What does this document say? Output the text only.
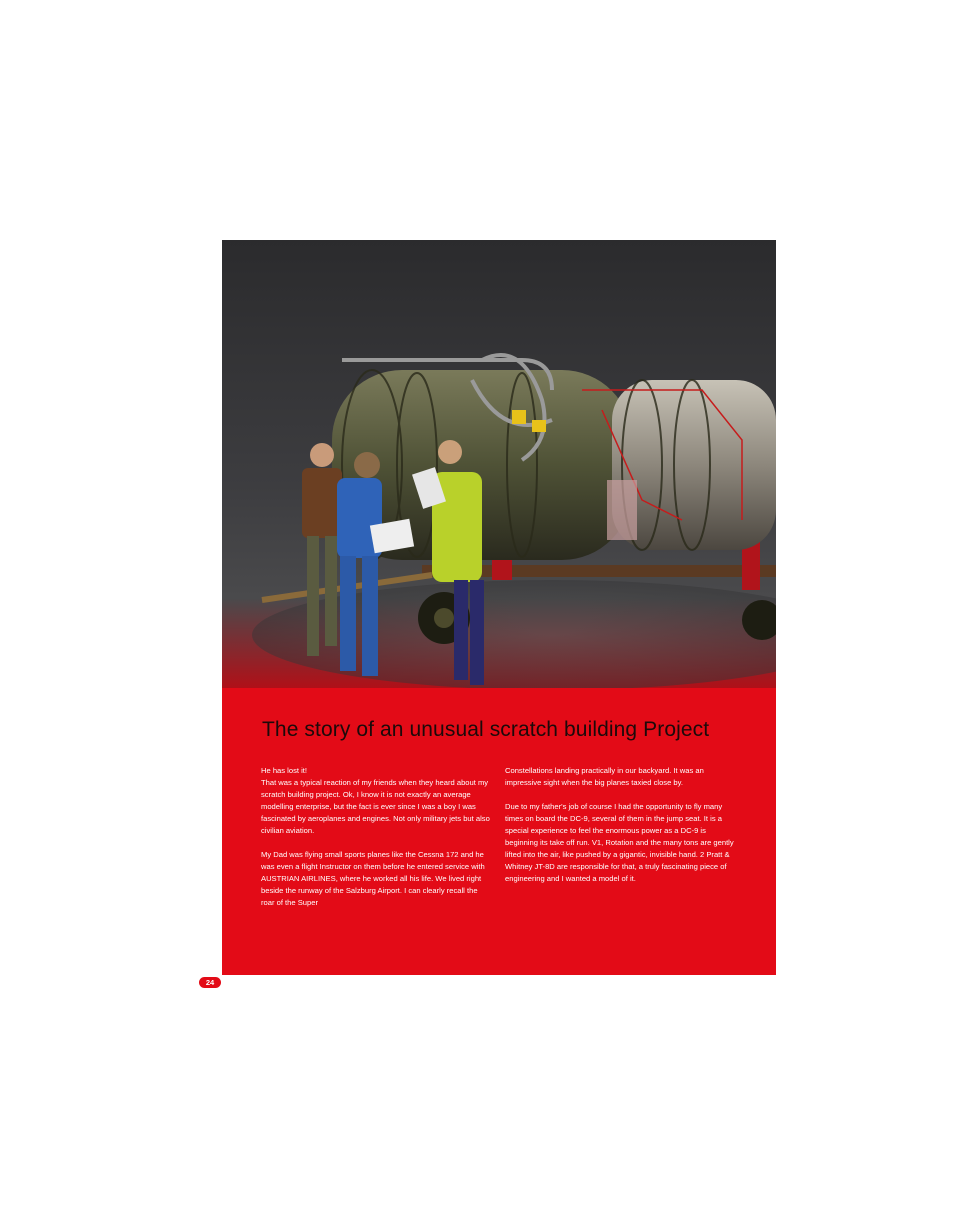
The story of an unusual scratch building Project

He has lost it!
That was a typical reaction of my friends when they heard about my scratch building project. Ok, I know it is not exactly an average modelling enterprise, but the fact is ever since I was a boy I was fascinated by aeroplanes and engines. Not only military jets but also civilian aviation.

My Dad was flying small sports planes like the Cessna 172 and he was even a flight Instructor on them before he entered service with AUSTRIAN AIRLINES, where he worked all his life. We lived right beside the runway of the Salzburg Airport. I can clearly recall the roar of the Super

Constellations landing practically in our backyard. It was an impressive sight when the big planes taxied close by.

Due to my father's job of course I had the opportunity to fly many times on board the DC-9, several of them in the jump seat. It is a special experience to feel the enormous power as a DC-9 is beginning its take off run. V1, Rotation and the many tons are gently lifted into the air, like pushed by a gigantic, invisible hand. 2 Pratt & Whitney JT-8D are responsible for that, a truly fascinating piece of engineering and I wanted a model of it.

24
